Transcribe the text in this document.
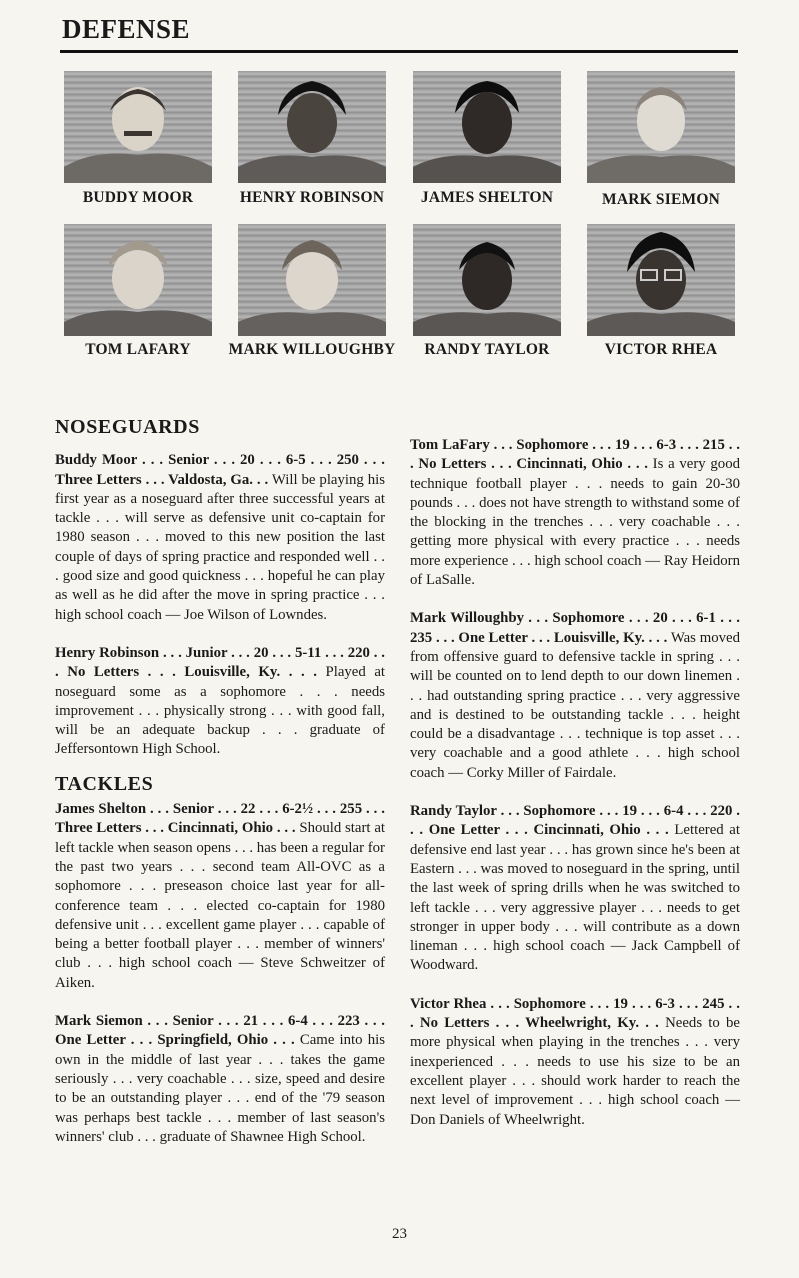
DEFENSE
BUDDY MOOR	HENRY ROBINSON	JAMES SHELTON	MARK SIEMON
TOM LAFARY	MARK WILLOUGHBY	RANDY TAYLOR	VICTOR RHEA
NOSEGUARDS

Buddy Moor . . . Senior . . . 20 . . . 6-5 . . . 250 . . . Three Letters . . . Valdosta, Ga. . . Will be playing his first year as a noseguard after three successful years at tackle . . . will serve as defensive unit co-captain for 1980 season . . . moved to this new position the last couple of days of spring practice and responded well . . . good size and good quickness . . . hopeful he can play as well as he did after the move in spring practice . . . high school coach — Joe Wilson of Lowndes.

Henry Robinson . . . Junior . . . 20 . . . 5-11 . . . 220 . . . No Letters . . . Louisville, Ky. . . . Played at noseguard some as a sophomore . . . needs improvement . . . physically strong . . . with good fall, will be an adequate backup . . . graduate of Jeffersontown High School.

TACKLES

James Shelton . . . Senior . . . 22 . . . 6-2½ . . . 255 . . . Three Letters . . . Cincinnati, Ohio . . . Should start at left tackle when season opens . . . has been a regular for the past two years . . . second team All-OVC as a sophomore . . . preseason choice last year for all-conference team . . . elected co-captain for 1980 defensive unit . . . excellent game player . . . capable of being a better football player . . . member of winners' club . . . high school coach — Steve Schweitzer of Aiken.

Mark Siemon . . . Senior . . . 21 . . . 6-4 . . . 223 . . . One Letter . . . Springfield, Ohio . . . Came into his own in the middle of last year . . . takes the game seriously . . . very coachable . . . size, speed and desire to be an outstanding player . . . end of the '79 season was perhaps best tackle . . . member of last season's winners' club . . . graduate of Shawnee High School.

Tom LaFary . . . Sophomore . . . 19 . . . 6-3 . . . 215 . . . No Letters . . . Cincinnati, Ohio . . . Is a very good technique football player . . . needs to gain 20-30 pounds . . . does not have strength to withstand some of the blocking in the trenches . . . very coachable . . . getting more physical with every practice . . . needs more experience . . . high school coach — Ray Heidorn of LaSalle.

Mark Willoughby . . . Sophomore . . . 20 . . . 6-1 . . . 235 . . . One Letter . . . Louisville, Ky. . . . Was moved from offensive guard to defensive tackle in spring . . . will be counted on to lend depth to our down linemen . . . had outstanding spring practice . . . very aggressive and is destined to be outstanding tackle . . . height could be a disadvantage . . . technique is top asset . . . very coachable and a good athlete . . . high school coach — Corky Miller of Fairdale.

Randy Taylor . . . Sophomore . . . 19 . . . 6-4 . . . 220 . . . One Letter . . . Cincinnati, Ohio . . . Lettered at defensive end last year . . . has grown since he's been at Eastern . . . was moved to noseguard in the spring, until the last week of spring drills when he was switched to left tackle . . . very aggressive player . . . needs to get stronger in upper body . . . will contribute as a down lineman . . . high school coach — Jack Campbell of Woodward.

Victor Rhea . . . Sophomore . . . 19 . . . 6-3 . . . 245 . . . No Letters . . . Wheelwright, Ky. . . Needs to be more physical when playing in the trenches . . . very inexperienced . . . needs to use his size to be an excellent player . . . should work harder to reach the next level of improvement . . . high school coach — Don Daniels of Wheelwright.

23
